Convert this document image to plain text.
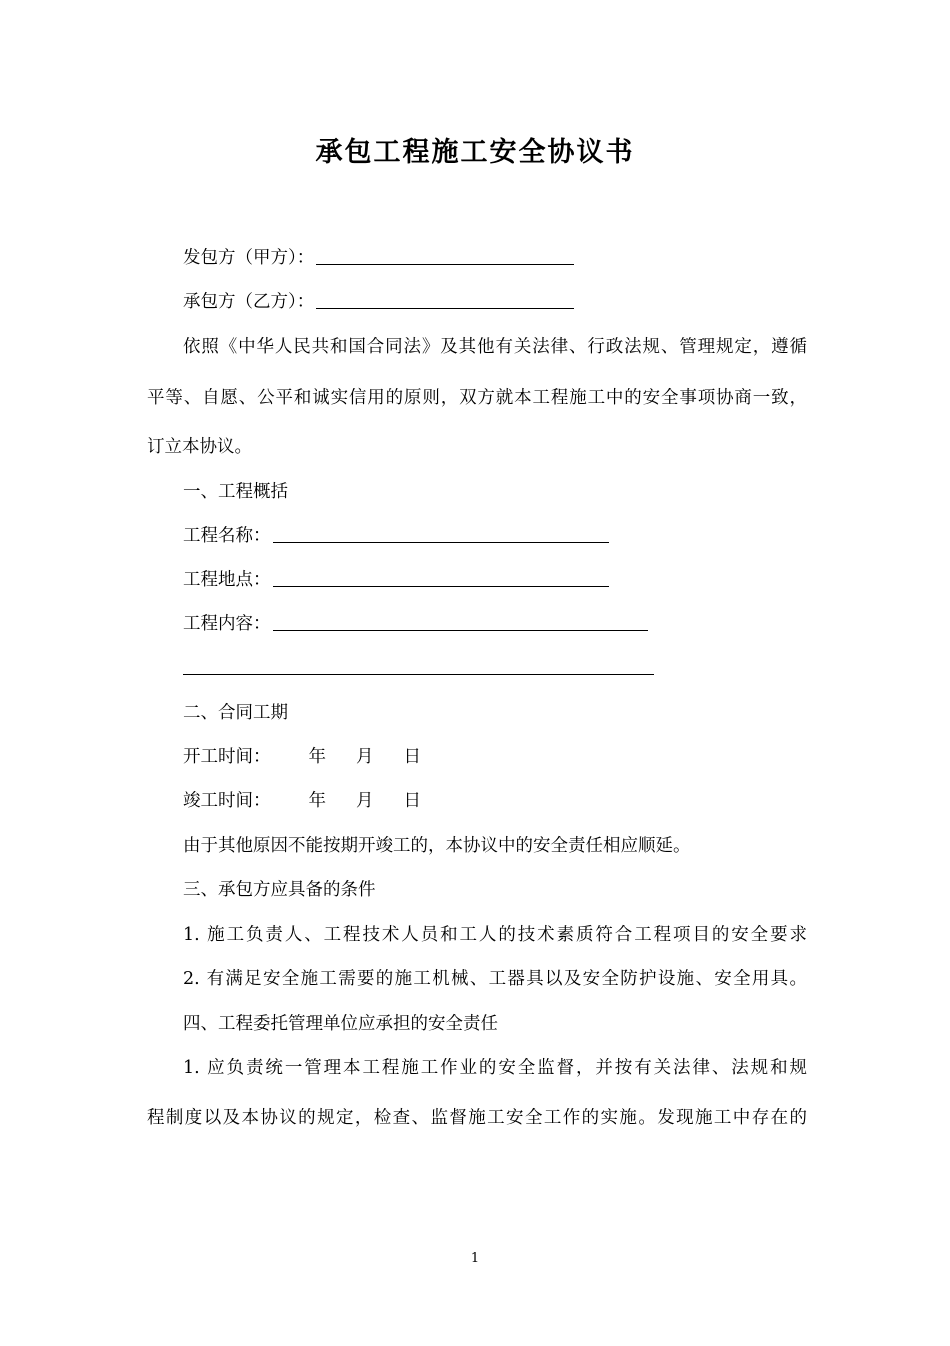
承包工程施工安全协议书

发包方（甲方）：

承包方（乙方）：

依照《中华人民共和国合同法》及其他有关法律、行政法规、管理规定，遵循

平等、自愿、公平和诚实信用的原则，双方就本工程施工中的安全事项协商一致，

订立本协议。

一、工程概括

工程名称：

工程地点：

工程内容：

二、合同工期

开工时间： 年 月 日

竣工时间： 年 月 日

由于其他原因不能按期开竣工的，本协议中的安全责任相应顺延。

三、承包方应具备的条件

1. 施工负责人、工程技术人员和工人的技术素质符合工程项目的安全要求

2. 有满足安全施工需要的施工机械、工器具以及安全防护设施、安全用具。

四、工程委托管理单位应承担的安全责任

1. 应负责统一管理本工程施工作业的安全监督，并按有关法律、法规和规

程制度以及本协议的规定，检查、监督施工安全工作的实施。发现施工中存在的

1
